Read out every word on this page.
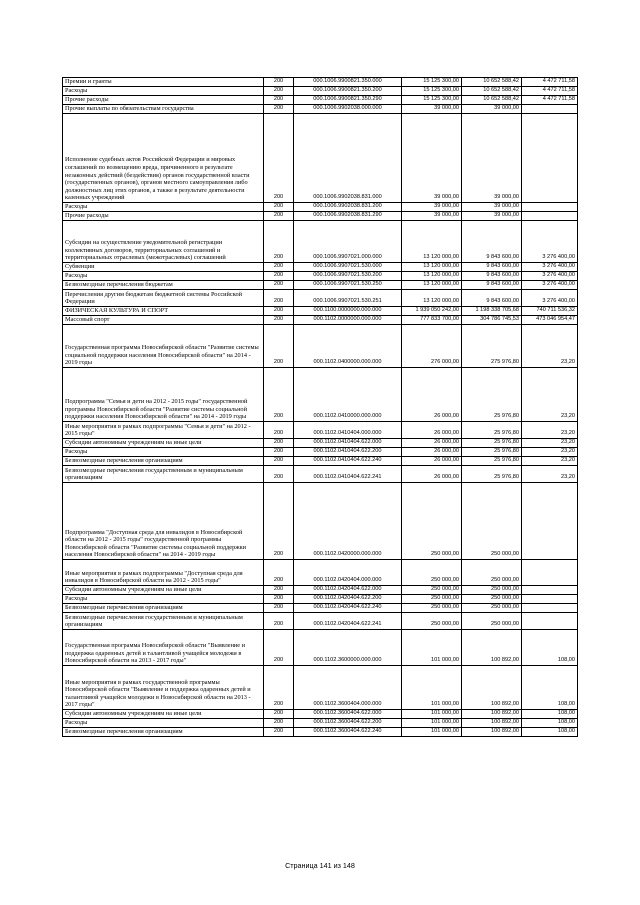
Премии и гранты	200	000.1006.9900821.350.000	15 125 300,00	10 652 588,42	4 472 711,58
Расходы	200	000.1006.9900821.350.200	15 125 300,00	10 652 588,42	4 472 711,58
Прочие расходы	200	000.1006.9900821.350.290	15 125 300,00	10 652 588,42	4 472 711,58
Прочие выплаты по обязательствам государства	200	000.1006.9902038.000.000	39 000,00	39 000,00	
Исполнение судебных актов Российской Федерации и мировых соглашений по возмещению вреда, причиненного в результате незаконных действий (бездействия) органов государственной власти (государственных органов), органов местного самоуправления либо должностных лиц этих органов, а также в результате деятельности казенных учреждений	200	000.1006.9902038.831.000	39 000,00	39 000,00	
Расходы	200	000.1006.9902038.831.200	39 000,00	39 000,00	
Прочие расходы	200	000.1006.9902038.831.290	39 000,00	39 000,00	
Субсидии на осуществление уведомительной регистрации коллективных договоров, территориальных соглашений и территориальных отраслевых (межотраслевых) соглашений	200	000.1006.9907021.000.000	13 120 000,00	9 843 600,00	3 276 400,00
Субвенции	200	000.1006.9907021.530.000	13 120 000,00	9 843 600,00	3 276 400,00
Расходы	200	000.1006.9907021.530.200	13 120 000,00	9 843 600,00	3 276 400,00
Безвозмездные перечисления бюджетам	200	000.1006.9907021.530.250	13 120 000,00	9 843 600,00	3 276 400,00
Перечисления другим бюджетам бюджетной системы Российской Федерации	200	000.1006.9907021.530.251	13 120 000,00	9 843 600,00	3 276 400,00
ФИЗИЧЕСКАЯ КУЛЬТУРА И СПОРТ	200	000.1100.0000000.000.000	1 939 050 242,00	1 198 338 705,68	740 711 536,32
Массовый спорт	200	000.1102.0000000.000.000	777 833 700,00	304 786 745,53	473 046 954,47
Государственная программа Новосибирской области "Развитие системы социальной поддержки населения Новосибирской области" на 2014 - 2019 годы	200	000.1102.0400000.000.000	276 000,00	275 976,80	23,20
Подпрограмма "Семья и дети на 2012 - 2015 годы" государственной программы Новосибирской области "Развитие системы социальной поддержки населения Новосибирской области" на 2014 - 2019 годы	200	000.1102.0410000.000.000	26 000,00	25 976,80	23,20
Иные мероприятия в рамках подпрограммы "Семья и дети" на 2012 - 2015 годы"	200	000.1102.0410404.000.000	26 000,00	25 976,80	23,20
Субсидии автономным учреждениям на иные цели	200	000.1102.0410404.622.000	26 000,00	25 976,80	23,20
Расходы	200	000.1102.0410404.622.200	26 000,00	25 976,80	23,20
Безвозмездные перечисления организациям	200	000.1102.0410404.622.240	26 000,00	25 976,80	23,20
Безвозмездные перечисления государственным и муниципальным организациям	200	000.1102.0410404.622.241	26 000,00	25 976,80	23,20
Подпрограмма "Доступная среда для инвалидов в Новосибирской области на 2012 - 2015 годы" государственной программы Новосибирской области "Развитие системы социальной поддержки населения Новосибирской области" на 2014 - 2019 годы	200	000.1102.0420000.000.000	250 000,00	250 000,00	
Иные мероприятия в рамках подпрограммы "Доступная среда для инвалидов в Новосибирской области на 2012 - 2015 годы"	200	000.1102.0420404.000.000	250 000,00	250 000,00	
Субсидии автономным учреждениям на иные цели	200	000.1102.0420404.622.000	250 000,00	250 000,00	
Расходы	200	000.1102.0420404.622.200	250 000,00	250 000,00	
Безвозмездные перечисления организациям	200	000.1102.0420404.622.240	250 000,00	250 000,00	
Безвозмездные перечисления государственным и муниципальным организациям	200	000.1102.0420404.622.241	250 000,00	250 000,00	
Государственная программа Новосибирской области "Выявление и поддержка одаренных детей и талантливой учащейся молодежи в Новосибирской области на 2013 - 2017 годы"	200	000.1102.3600000.000.000	101 000,00	100 892,00	108,00
Иные мероприятия в рамках государственной программы Новосибирской области "Выявление и поддержка одаренных детей и талантливой учащейся молодежи в Новосибирской области на 2013 - 2017 годы"	200	000.1102.3600404.000.000	101 000,00	100 892,00	108,00
Субсидии автономным учреждениям на иные цели	200	000.1102.3600404.622.000	101 000,00	100 892,00	108,00
Расходы	200	000.1102.3600404.622.200	101 000,00	100 892,00	108,00
Безвозмездные перечисления организациям	200	000.1102.3600404.622.240	101 000,00	100 892,00	108,00
Страница 141 из 148
